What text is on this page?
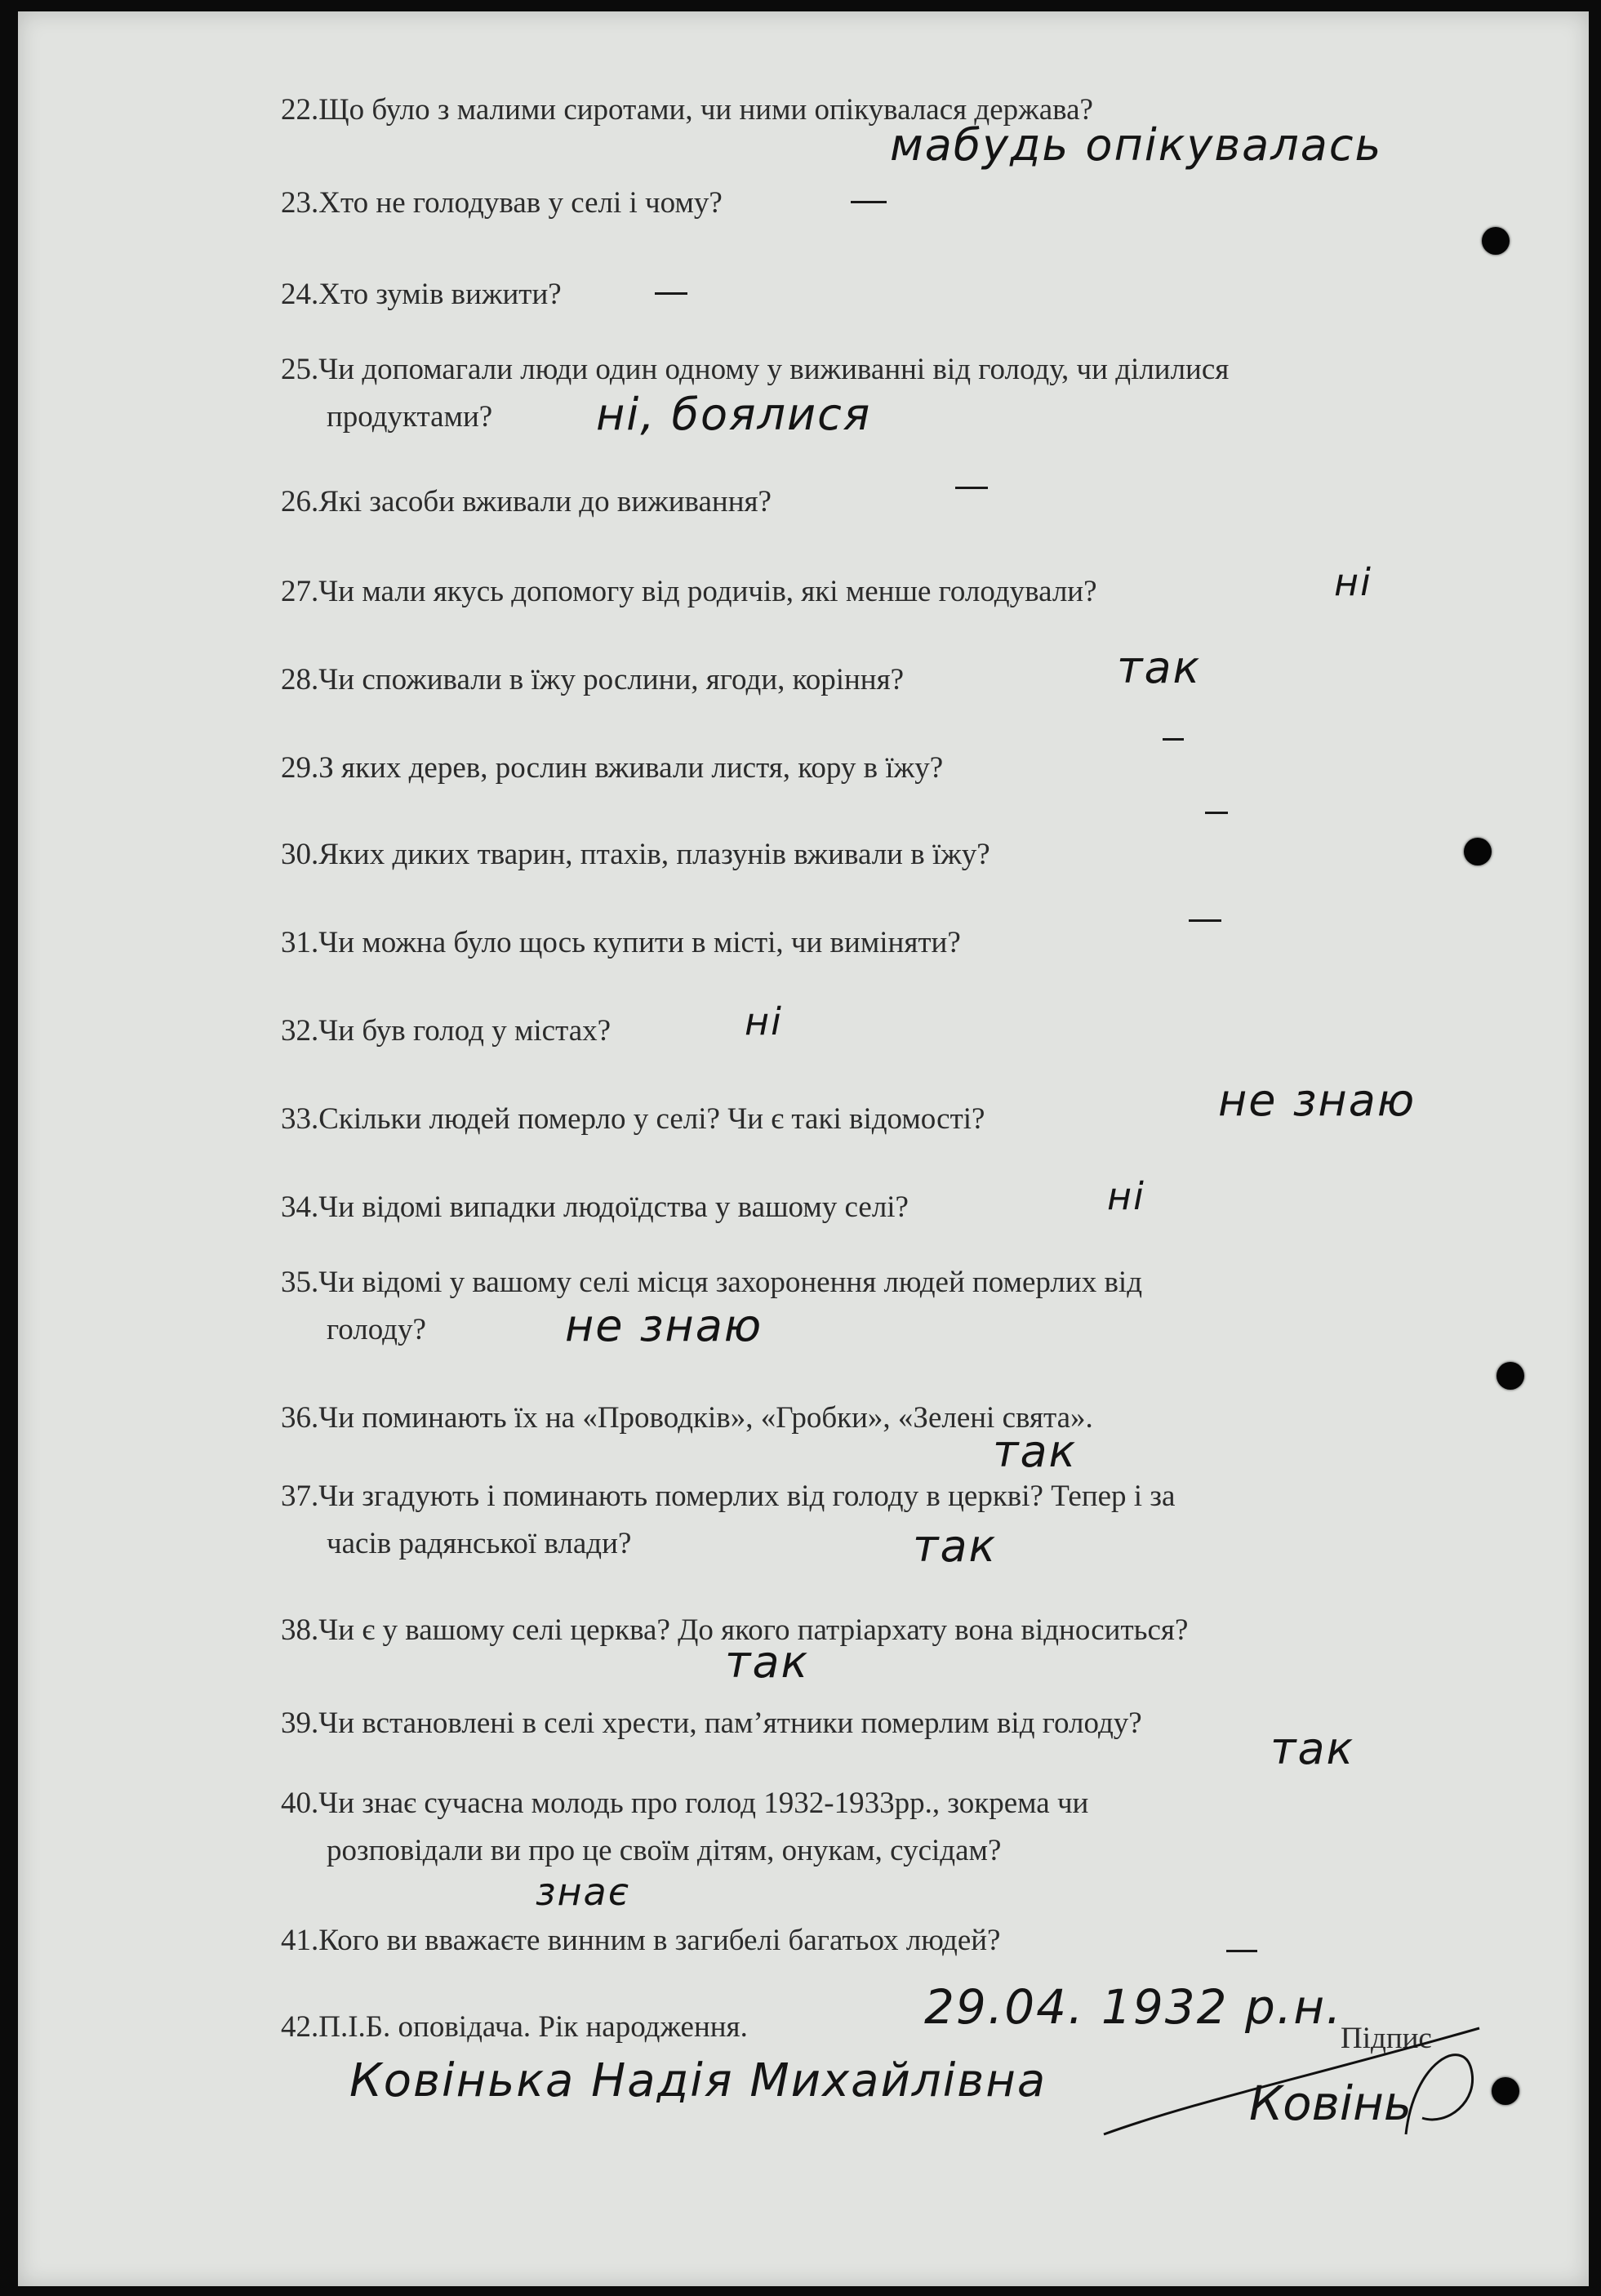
22.Що було з малими сиротами, чи ними опікувалася держава?
мабудь опікувалась
23.Хто не голодував у селі і чому?
24.Хто зумів вижити?
25.Чи допомагали люди один одному у виживанні від голоду, чи ділилися
продуктами?	ні, боялися
26.Які засоби вживали до виживання?
27.Чи мали якусь допомогу від родичів, які менше голодували?	ні
28.Чи споживали в їжу рослини, ягоди, коріння?	так
29.З яких дерев, рослин вживали листя, кору в їжу?
30.Яких диких тварин, птахів, плазунів вживали в їжу?
31.Чи можна було щось купити в місті, чи виміняти?
32.Чи був голод у містах?	ні
33.Скільки людей померло у селі? Чи є такі відомості?	не знаю
34.Чи відомі випадки людоїдства у вашому селі?	ні
35.Чи відомі у вашому селі місця захоронення людей померлих від
голоду?	не знаю
36.Чи поминають їх на «Проводків», «Гробки», «Зелені свята».
так
37.Чи згадують і поминають померлих від голоду в церкві? Тепер і за
часів радянської влади?	так
38.Чи є у вашому селі церква? До якого патріархату вона відноситься?
так
39.Чи встановлені в селі хрести, пам’ятники померлим від голоду?	так
40.Чи знає сучасна молодь про голод 1932-1933рр., зокрема чи
розповідали ви про це своїм дітям, онукам, сусідам?
знає
41.Кого ви вважаєте винним в загибелі багатьох людей?
42.П.І.Б. оповідача. Рік народження.	29.04. 1932 р.н.
Ковінька Надія Михайлівна
Підпис
Ковінь
